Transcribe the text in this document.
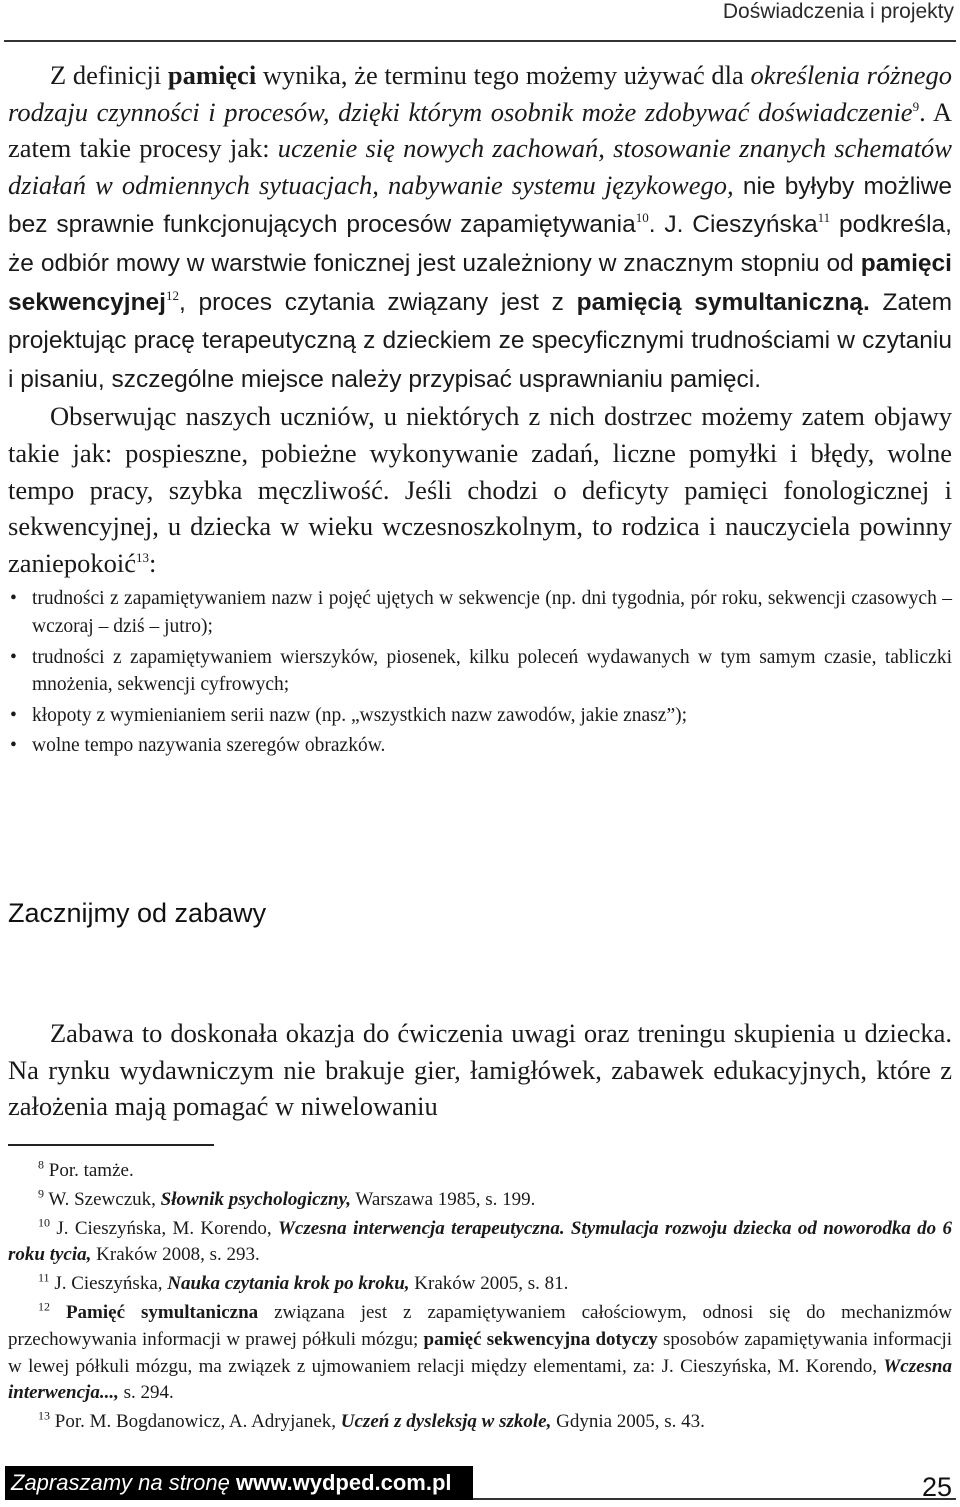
Doświadczenia i projekty

Z definicji pamięci wynika, że terminu tego możemy używać dla określenia różnego rodzaju czynności i procesów, dzięki którym osobnik może zdobywać doświadczenie$^9$. A zatem takie procesy jak: uczenie się nowych zachowań, stosowanie znanych schematów działań w odmiennych sytuacjach, nabywanie systemu językowego, nie byłyby możliwe bez sprawnie funkcjonujących procesów zapamiętywania$^{10}$. J. Cieszyńska$^{11}$ podkreśla, że odbiór mowy w warstwie fonicznej jest uzależniony w znacznym stopniu od pamięci sekwencyjnej$^{12}$, proces czytania związany jest z pamięcią symultaniczną. Zatem projektując pracę terapeutyczną z dzieckiem ze specyficznymi trudnościami w czytaniu i pisaniu, szczególne miejsce należy przypisać usprawnianiu pamięci.

Obserwując naszych uczniów, u niektórych z nich dostrzec możemy zatem objawy takie jak: pospieszne, pobieżne wykonywanie zadań, liczne pomyłki i błędy, wolne tempo pracy, szybka męczliwość. Jeśli chodzi o deficyty pamięci fonologicznej i sekwencyjnej, u dziecka w wieku wczesnoszkolnym, to rodzica i nauczyciela powinny zaniepokoić$^{13}$:

• trudności z zapamiętywaniem nazw i pojęć ujętych w sekwencje (np. dni tygodnia, pór roku, sekwencji czasowych – wczoraj – dziś – jutro);
• trudności z zapamiętywaniem wierszyków, piosenek, kilku poleceń wydawanych w tym samym czasie, tabliczki mnożenia, sekwencji cyfrowych;
• kłopoty z wymienianiem serii nazw (np. „wszystkich nazw zawodów, jakie znasz”);
• wolne tempo nazywania szeregów obrazków.
Zacznijmy od zabawy

Zabawa to doskonała okazja do ćwiczenia uwagi oraz treningu skupienia u dziecka. Na rynku wydawniczym nie brakuje gier, łamigłówek, zabawek edukacyjnych, które z założenia mają pomagać w niwelowaniu

$^8$ Por. tamże.

$^9$ W. Szewczuk, Słownik psychologiczny, Warszawa 1985, s. 199.

$^{10}$ J. Cieszyńska, M. Korendo, Wczesna interwencja terapeutyczna. Stymulacja rozwoju dziecka od noworodka do 6 roku tycia, Kraków 2008, s. 293.

$^{11}$ J. Cieszyńska, Nauka czytania krok po kroku, Kraków 2005, s. 81.

$^{12}$ Pamięć symultaniczna związana jest z zapamiętywaniem całościowym, odnosi się do mechanizmów przechowywania informacji w prawej półkuli mózgu; pamięć sekwencyjna dotyczy sposobów zapamiętywania informacji w lewej półkuli mózgu, ma związek z ujmowaniem relacji między elementami, za: J. Cieszyńska, M. Korendo, Wczesna interwencja..., s. 294.

$^{13}$ Por. M. Bogdanowicz, A. Adryjanek, Uczeń z dysleksją w szkole, Gdynia 2005, s. 43.

Zapraszamy na stronę www.wydped.com.pl	25
